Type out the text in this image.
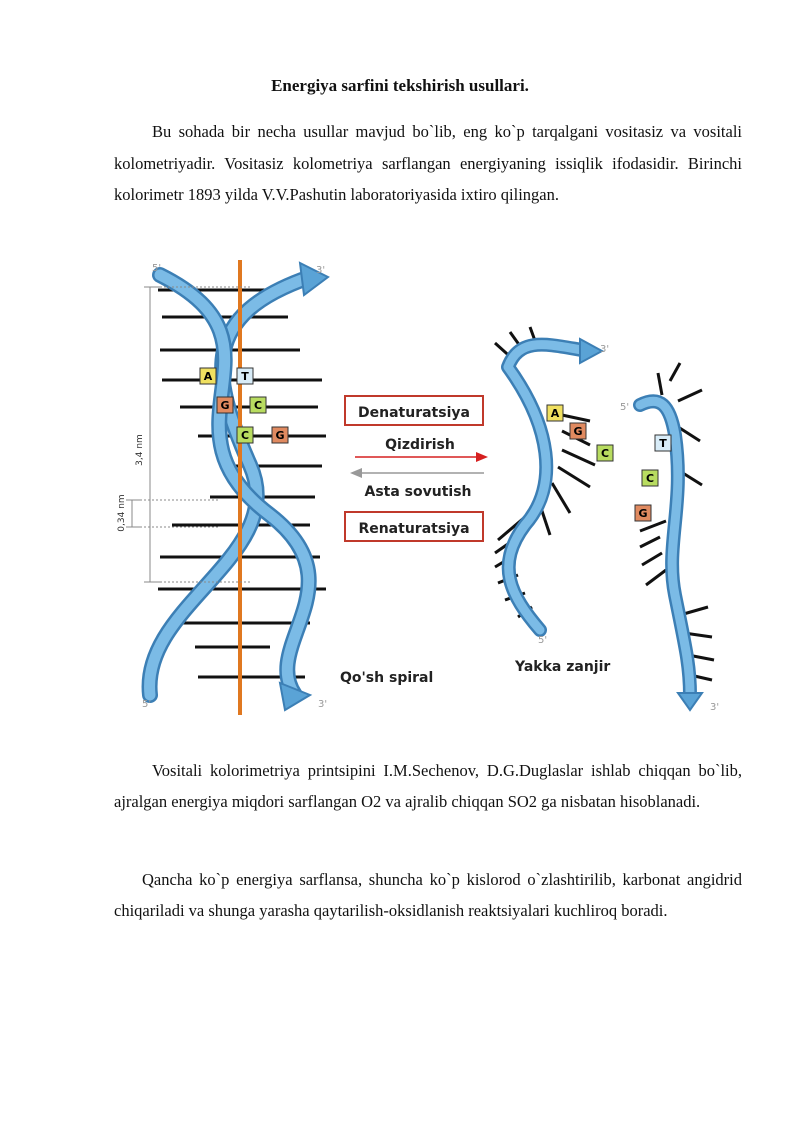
Energiya sarfini tekshirish usullari.

Bu sohada bir necha usullar mavjud bo`lib, eng ko`p tarqalgani vositasiz va vositali kolometriyadir. Vositasiz kolometriya sarflangan energiyaning issiqlik ifodasidir. Birinchi kolorimetr 1893 yilda V.V.Pashutin laboratoriyasida ixtiro qilingan.

A	T
G C
C G
3,4 nm
0,34 nm
5'	3'
5'	3'
Denaturatsiya
Qizdirish
Asta sovutish
Renaturatsiya
Qo'sh spiral
Yakka zanjir
A
G
C
3'
5'
T
C
G
5'
3'

Vositali kolorimetriya printsipini I.M.Sechenov, D.G.Duglaslar ishlab chiqqan bo`lib, ajralgan energiya miqdori sarflangan O2 va ajralib chiqqan SO2 ga nisbatan hisoblanadi.

Qancha ko`p energiya sarflansa, shuncha ko`p kislorod o`zlashtirilib, karbonat angidrid chiqariladi va shunga yarasha qaytarilish-oksidlanish reaktsiyalari kuchliroq boradi.
